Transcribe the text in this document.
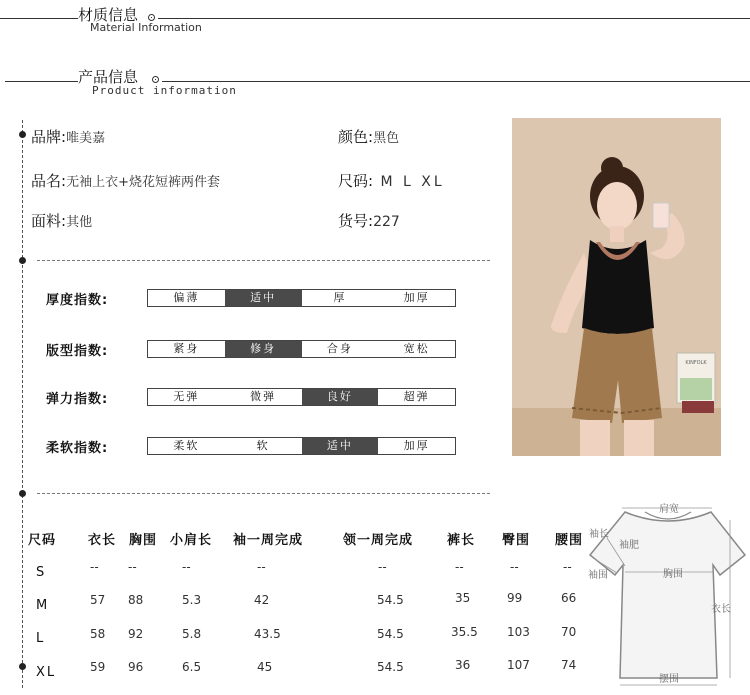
材质信息
Material Information
产品信息
Product information
品牌:唯美嘉	颜色:黑色
品名:无袖上衣+烧花短裤两件套	尺码: M L XL
面料:其他	货号:227
厚度指数:	偏薄	适中	厚	加厚
版型指数:	紧身	修身	合身	宽松
弹力指数:	无弹	微弹	良好	超弹
柔软指数:	柔软	软	适中	加厚
KINFOLK
尺码 衣长 胸围 小肩长 袖一周完成	领一周完成	裤长 臀围 腰围
S	-- --	--	--	--	--	--	--
M	57 88	5.3	42	54.5	35	99	66
L	58 92	5.8	43.5	54.5	35.5 103	70
XL	59 96	6.5	45	54.5	36	107	74
肩宽
袖长
袖肥
袖围	胸围
衣长
摆围
